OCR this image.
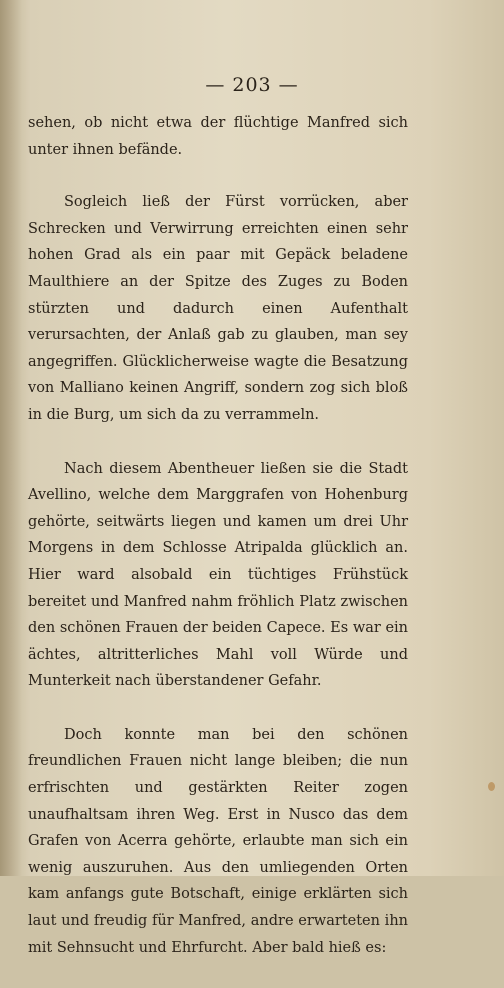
— 203 —

sehen, ob nicht etwa der flüchtige Manfred sich unter ihnen befände.

Sogleich ließ der Fürst vorrücken, aber Schrecken und Verwirrung erreichten einen sehr hohen Grad als ein paar mit Gepäck beladene Maulthiere an der Spitze des Zuges zu Boden stürzten und dadurch einen Aufenthalt verursachten, der Anlaß gab zu glauben, man sey angegriffen. Glücklicherweise wagte die Besatzung von Malliano keinen Angriff, sondern zog sich bloß in die Burg, um sich da zu verrammeln.

Nach diesem Abentheuer ließen sie die Stadt Avellino, welche dem Marggrafen von Hohenburg gehörte, seitwärts liegen und kamen um drei Uhr Morgens in dem Schlosse Atripalda glücklich an. Hier ward alsobald ein tüchtiges Frühstück bereitet und Manfred nahm fröhlich Platz zwischen den schönen Frauen der beiden Capece. Es war ein ächtes, altritterliches Mahl voll Würde und Munterkeit nach überstandener Gefahr.

Doch konnte man bei den schönen freundlichen Frauen nicht lange bleiben; die nun erfrischten und gestärkten Reiter zogen unaufhaltsam ihren Weg. Erst in Nusco das dem Grafen von Acerra gehörte, erlaubte man sich ein wenig auszuruhen. Aus den umliegenden Orten kam anfangs gute Botschaft, einige erklärten sich laut und freudig für Manfred, andre erwarteten ihn mit Sehnsucht und Ehrfurcht. Aber bald hieß es:
